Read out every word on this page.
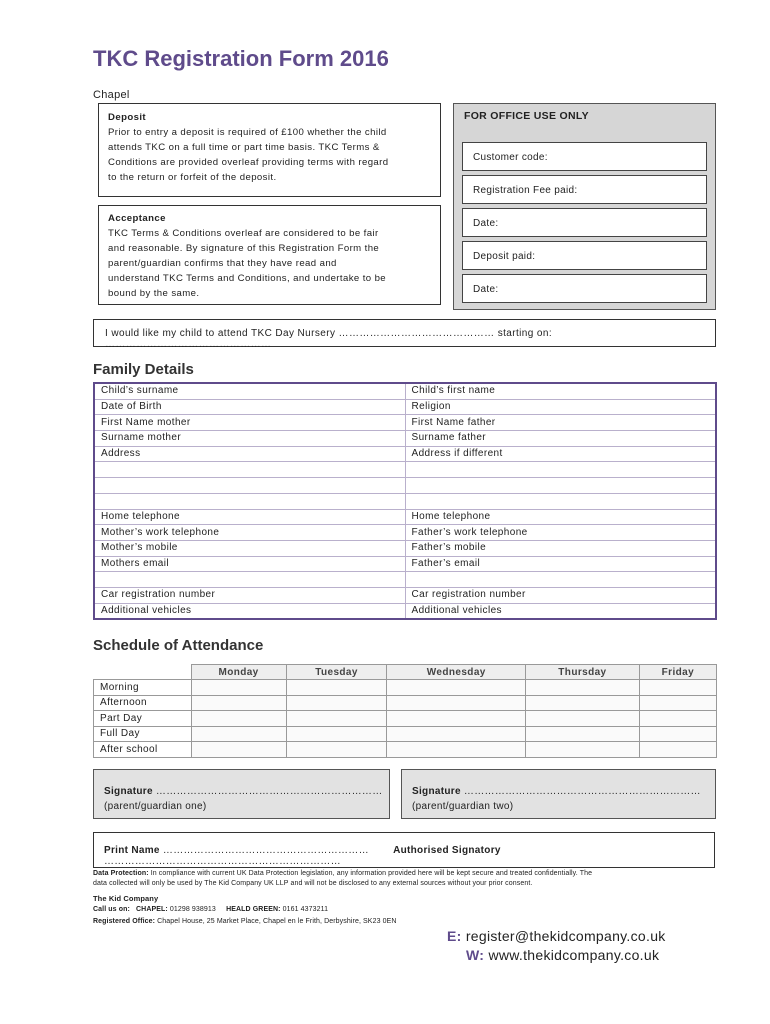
TKC Registration Form 2016
Chapel
Deposit
Prior to entry a deposit is required of £100 whether the child
attends TKC on a full time or part time basis. TKC Terms &
Conditions are provided overleaf providing terms with regard
to the return or forfeit of the deposit.
Acceptance
TKC Terms & Conditions overleaf are considered to be fair
and reasonable. By signature of this Registration Form the
parent/guardian confirms that they have read and
understand TKC Terms and Conditions, and undertake to be
bound by the same.
FOR OFFICE USE ONLY
Customer code:
Registration Fee paid:
Date:
Deposit paid:
Date:
I would like my child to attend TKC Day Nursery ……………………………………… starting on: …………………………………………
Family Details
Child’s surname	Child’s first name
Date of Birth	Religion
First Name mother	First Name father
Surname mother	Surname father
Address	Address if different

Home telephone	Home telephone
Mother’s work telephone	Father’s work telephone
Mother’s mobile	Father’s mobile
Mothers email	Father’s email

Car registration number	Car registration number
Additional vehicles	Additional vehicles
Schedule of Attendance
	Monday	Tuesday	Wednesday	Thursday	Friday
Morning					
Afternoon					
Part Day					
Full Day					
After school					
Signature …………………………………………………………
(parent/guardian one)
Signature ……………………………………………………………
(parent/guardian two)
Print Name …………………………………………………… Authorised Signatory ……………………………………………………………
Data Protection: In compliance with current UK Data Protection legislation, any information provided here will be kept secure and treated confidentially. The
data collected will only be used by The Kid Company UK LLP and will not be disclosed to any external sources without your prior consent.
The Kid Company
Call us on: CHAPEL: 01298 938913 HEALD GREEN: 0161 4373211
Registered Office: Chapel House, 25 Market Place, Chapel en le Frith, Derbyshire, SK23 0EN
E: register@thekidcompany.co.uk
W: www.thekidcompany.co.uk
